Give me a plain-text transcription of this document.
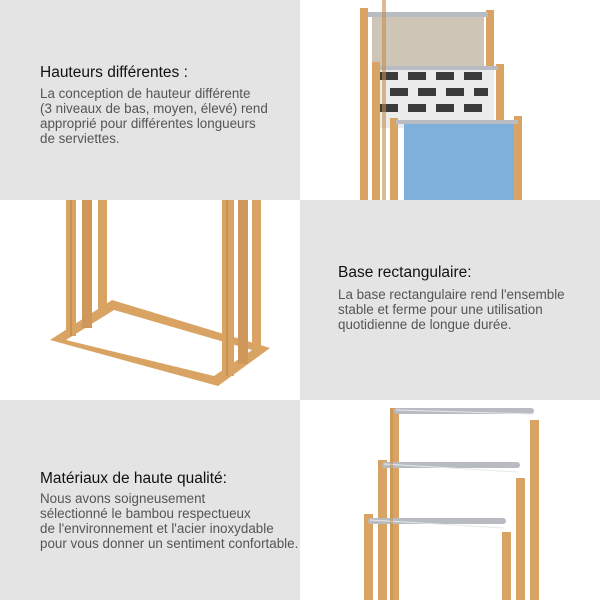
Hauteurs différentes :

La conception de hauteur différente
(3 niveaux de bas, moyen, élevé) rend
approprié pour différentes longueurs
de serviettes.

Base rectangulaire:

La base rectangulaire rend l'ensemble
stable et ferme pour une utilisation
quotidienne de longue durée.

Matériaux de haute qualité:

Nous avons soigneusement
sélectionné le bambou respectueux
de l'environnement et l'acier inoxydable
pour vous donner un sentiment confortable.
